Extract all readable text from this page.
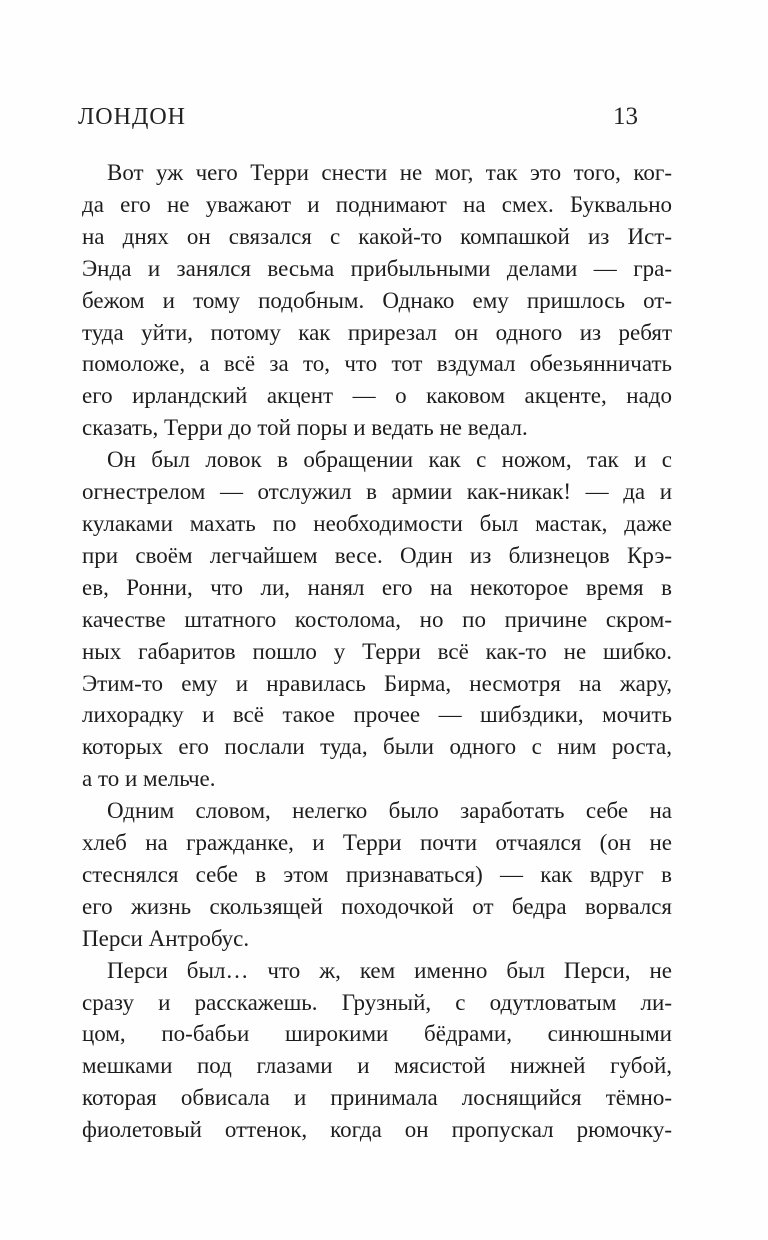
ЛОНДОН	13
Вот уж чего Терри снести не мог, так это того, ког-
да его не уважают и поднимают на смех. Буквально
на днях он связался с какой-то компашкой из Ист-
Энда и занялся весьма прибыльными делами — гра-
бежом и тому подобным. Однако ему пришлось от-
туда уйти, потому как прирезал он одного из ребят
помоложе, а всё за то, что тот вздумал обезьянничать
его ирландский акцент — о каковом акценте, надо
сказать, Терри до той поры и ведать не ведал.
Он был ловок в обращении как с ножом, так и с
огнестрелом — отслужил в армии как-никак! — да и
кулаками махать по необходимости был мастак, даже
при своём легчайшем весе. Один из близнецов Крэ-
ев, Ронни, что ли, нанял его на некоторое время в
качестве штатного костолома, но по причине скром-
ных габаритов пошло у Терри всё как-то не шибко.
Этим-то ему и нравилась Бирма, несмотря на жару,
лихорадку и всё такое прочее — шибздики, мочить
которых его послали туда, были одного с ним роста,
а то и мельче.
Одним словом, нелегко было заработать себе на
хлеб на гражданке, и Терри почти отчаялся (он не
стеснялся себе в этом признаваться) — как вдруг в
его жизнь скользящей походочкой от бедра ворвался
Перси Антробус.
Перси был… что ж, кем именно был Перси, не
сразу и расскажешь. Грузный, с одутловатым ли-
цом, по-бабьи широкими бёдрами, синюшными
мешками под глазами и мясистой нижней губой,
которая обвисала и принимала лоснящийся тёмно-
фиолетовый оттенок, когда он пропускал рюмочку-
